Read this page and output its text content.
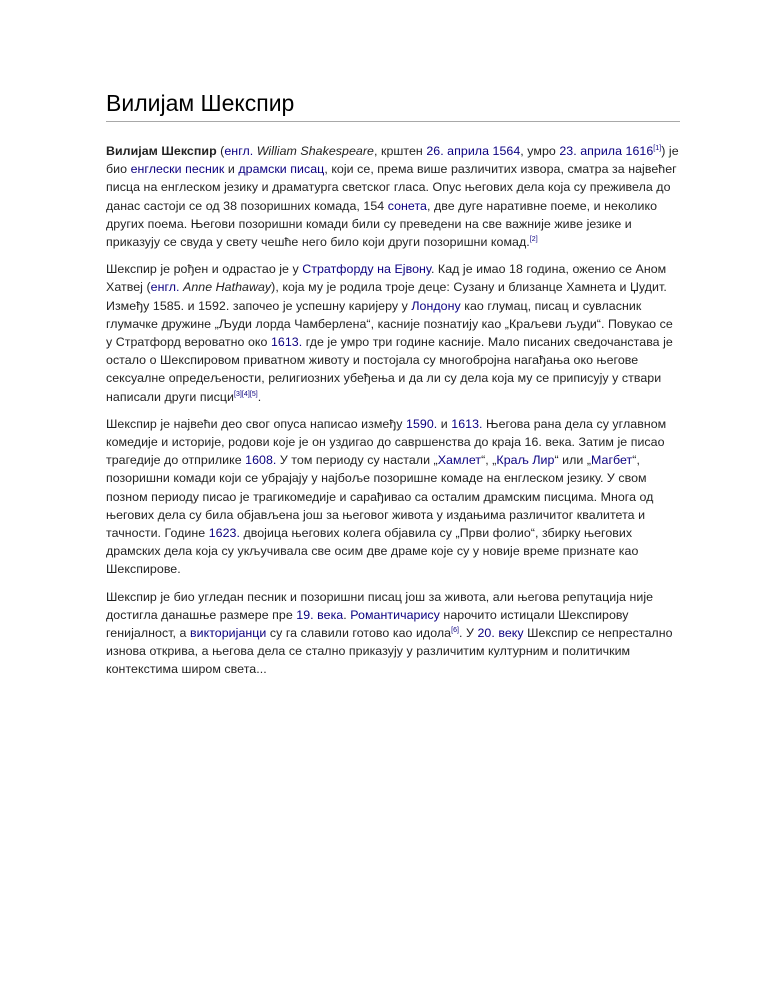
Вилијам Шекспир

Вилијам Шекспир (енгл. William Shakespeare, крштен 26. априла 1564, умро 23. априла 1616[1]) је био енглески песник и драмски писац, који се, према више различитих извора, сматра за највећег писца на енглеском језику и драматурга светског гласа. Опус његових дела која су преживела до данас састоји се од 38 позоришних комада, 154 сонета, две дуге наративне поеме, и неколико других поема. Његови позоришни комади били су преведени на све важније живе језике и приказују се свуда у свету чешће него било који други позоришни комад.[2]

Шекспир је рођен и одрастао је у Стратфорду на Ејвону. Кад је имао 18 година, оженио се Аном Хатвеј (енгл. Anne Hathaway), која му је родила троје деце: Сузану и близанце Хамнета и Џудит. Између 1585. и 1592. започео је успешну каријеру у Лондону као глумац, писац и сувласник глумачке дружине „Људи лорда Чамберлена“, касније познатију као „Краљеви људи“. Повукао се у Стратфорд вероватно око 1613. где је умро три године касније. Мало писаних сведочанстава је остало о Шекспировом приватном животу и постојала су многобројна нагађања око његове сексуалне опредељености, религиозних убеђења и да ли су дела која му се приписују у ствари написали други писци[3][4][5].

Шекспир је највећи део свог опуса написао између 1590. и 1613. Његова рана дела су углавном комедије и историје, родови које је он уздигао до савршенства до краја 16. века. Затим је писао трагедије до отприлике 1608. У том периоду су настали „Хамлет“, „Краљ Лир“ или „Магбет“, позоришни комади који се убрајају у најбоље позоришне комаде на енглеском језику. У свом позном периоду писао је трагикомедије и сарађивао са осталим драмским писцима. Многа од његових дела су била објављена још за његовог живота у издањима различитог квалитета и тачности. Године 1623. двојица његових колега објавила су „Први фолио“, збирку његових драмских дела која су укључивала све осим две драме које су у новије време признате као Шекспирове.

Шекспир је био угледан песник и позоришни писац још за живота, али његова репутација није достигла данашње размере пре 19. века. Романтичарису нарочито истицали Шекспирову генијалност, а викторијанци су га славили готово као идола[6]. У 20. веку Шекспир се непрестално изнова открива, а његова дела се стално приказују у различитим културним и политичким контекстима широм света...
